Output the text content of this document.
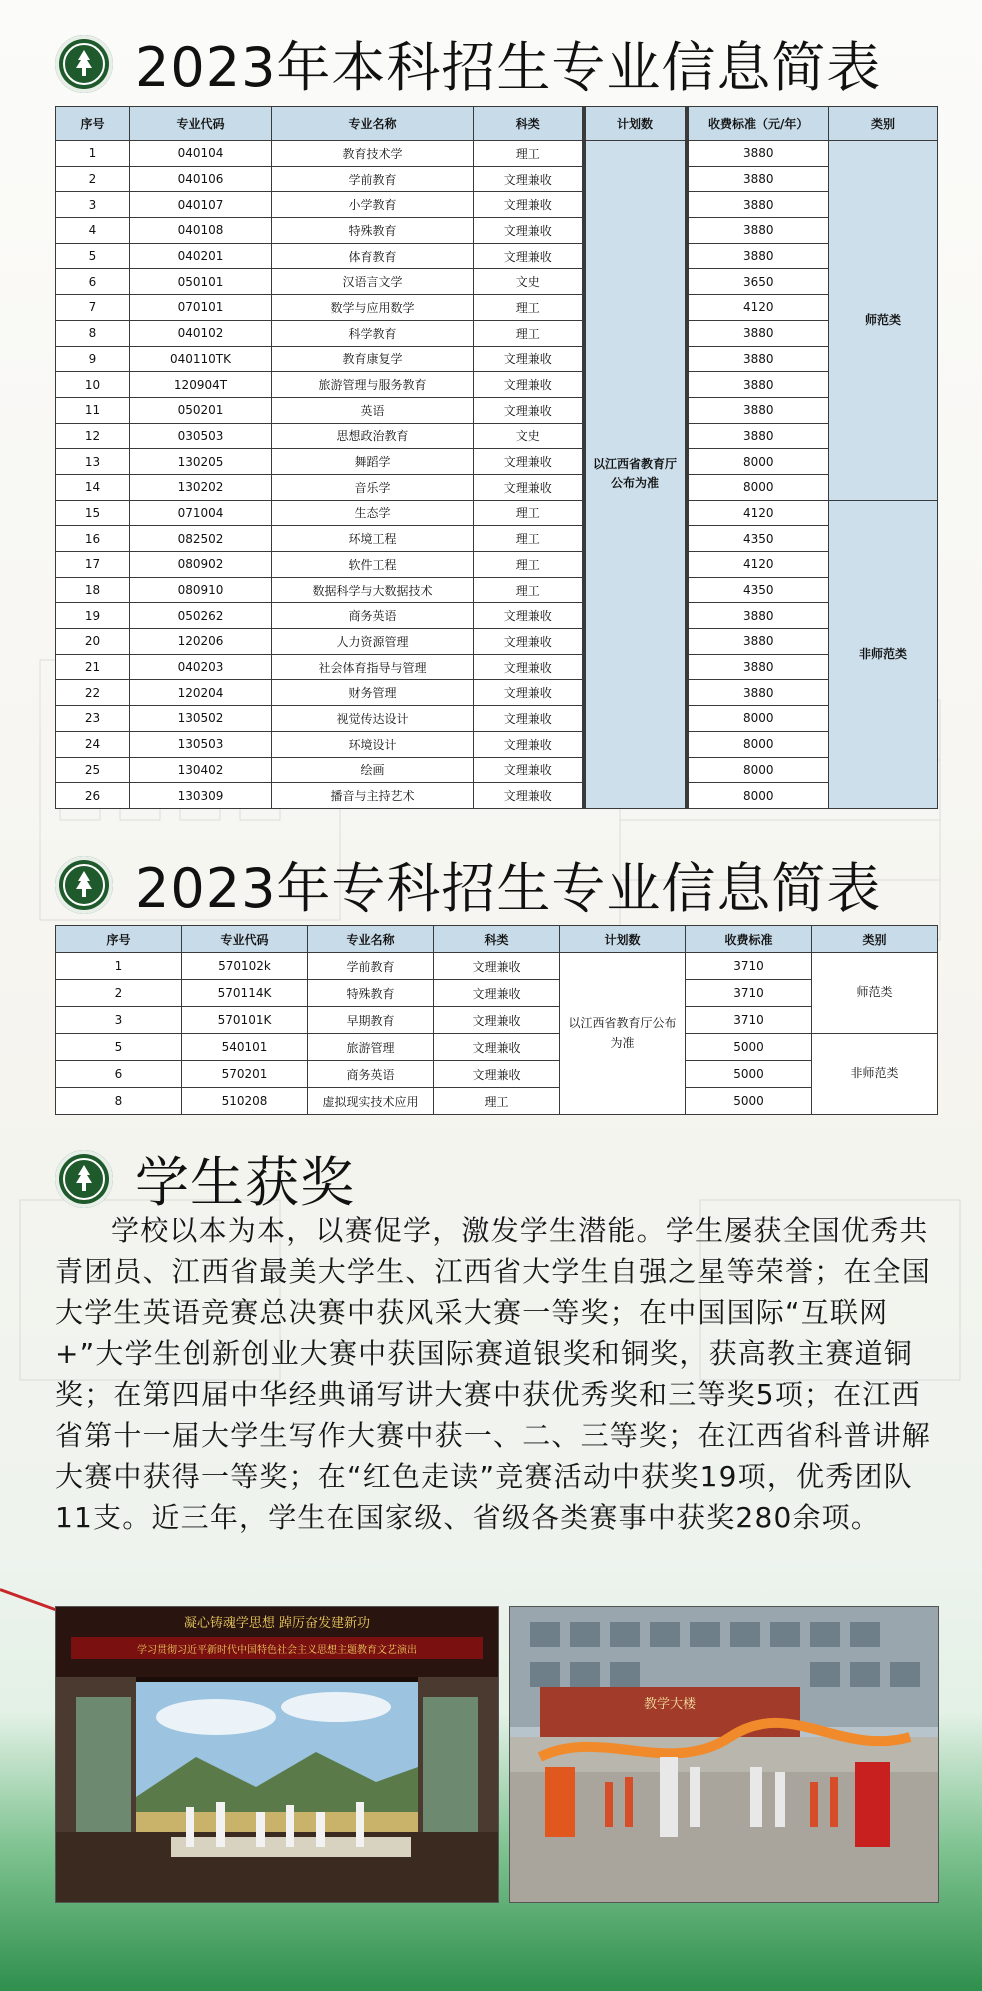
2023年本科招生专业信息简表
序号	专业代码	专业名称	科类	计划数	收费标准（元/年）	类别
1	040104	教育技术学	理工	以江西省教育厅公布为准	3880	师范类
2	040106	学前教育	文理兼收		3880	
3	040107	小学教育	文理兼收		3880	
4	040108	特殊教育	文理兼收		3880	
5	040201	体育教育	文理兼收		3880	
6	050101	汉语言文学	文史		3650	
7	070101	数学与应用数学	理工		4120	
8	040102	科学教育	理工		3880	
9	040110TK	教育康复学	文理兼收		3880	
10	120904T	旅游管理与服务教育	文理兼收		3880	
11	050201	英语	文理兼收		3880	
12	030503	思想政治教育	文史		3880	
13	130205	舞蹈学	文理兼收		8000	
14	130202	音乐学	文理兼收		8000	
15	071004	生态学	理工		4120	非师范类
16	082502	环境工程	理工		4350	
17	080902	软件工程	理工		4120	
18	080910	数据科学与大数据技术	理工		4350	
19	050262	商务英语	文理兼收		3880	
20	120206	人力资源管理	文理兼收		3880	
21	040203	社会体育指导与管理	文理兼收		3880	
22	120204	财务管理	文理兼收		3880	
23	130502	视觉传达设计	文理兼收		8000	
24	130503	环境设计	文理兼收		8000	
25	130402	绘画	文理兼收		8000	
26	130309	播音与主持艺术	文理兼收		8000	
2023年专科招生专业信息简表
序号	专业代码	专业名称	科类	计划数	收费标准	类别
1	570102k	学前教育	文理兼收	以江西省教育厅公布为准	3710	师范类
2	570114K	特殊教育	文理兼收		3710	
3	570101K	早期教育	文理兼收		3710	
5	540101	旅游管理	文理兼收		5000	非师范类
6	570201	商务英语	文理兼收		5000	
8	510208	虚拟现实技术应用	理工		5000	
学生获奖

学校以本为本，以赛促学，激发学生潜能。学生屡获全国优秀共青团员、江西省最美大学生、江西省大学生自强之星等荣誉；在全国大学生英语竞赛总决赛中获风采大赛一等奖；在中国国际“互联网+”大学生创新创业大赛中获国际赛道银奖和铜奖，获高教主赛道铜奖；在第四届中华经典诵写讲大赛中获优秀奖和三等奖5项；在江西省第十一届大学生写作大赛中获一、二、三等奖；在江西省科普讲解大赛中获得一等奖；在“红色走读”竞赛活动中获奖19项，优秀团队11支。近三年，学生在国家级、省级各类赛事中获奖280余项。

凝心铸魂学思想 踔厉奋发建新功
学习贯彻习近平新时代中国特色社会主义思想主题教育文艺演出
教学大楼
